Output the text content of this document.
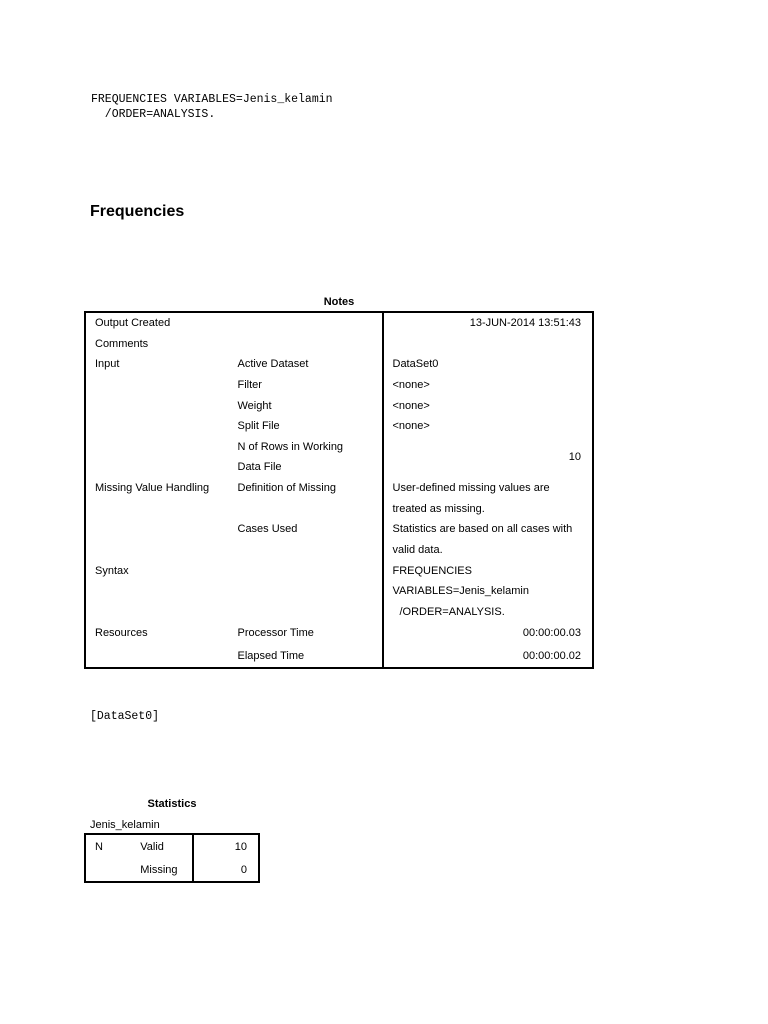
FREQUENCIES VARIABLES=Jenis_kelamin
/ORDER=ANALYSIS.
Frequencies
Notes
Output Created		13-JUN-2014 13:51:43
Comments		
Input	Active Dataset	DataSet0
	Filter	<none>
	Weight	<none>
	Split File	<none>
	N of Rows in Working	10
	Data File	
Missing Value Handling	Definition of Missing	User-defined missing values are
		treated as missing.
	Cases Used	Statistics are based on all cases with
		valid data.
Syntax		FREQUENCIES
		VARIABLES=Jenis_kelamin
		/ORDER=ANALYSIS.
Resources	Processor Time	00:00:00.03
	Elapsed Time	00:00:00.02
[DataSet0]
Statistics
Jenis_kelamin
N	Valid	10
	Missing	0
